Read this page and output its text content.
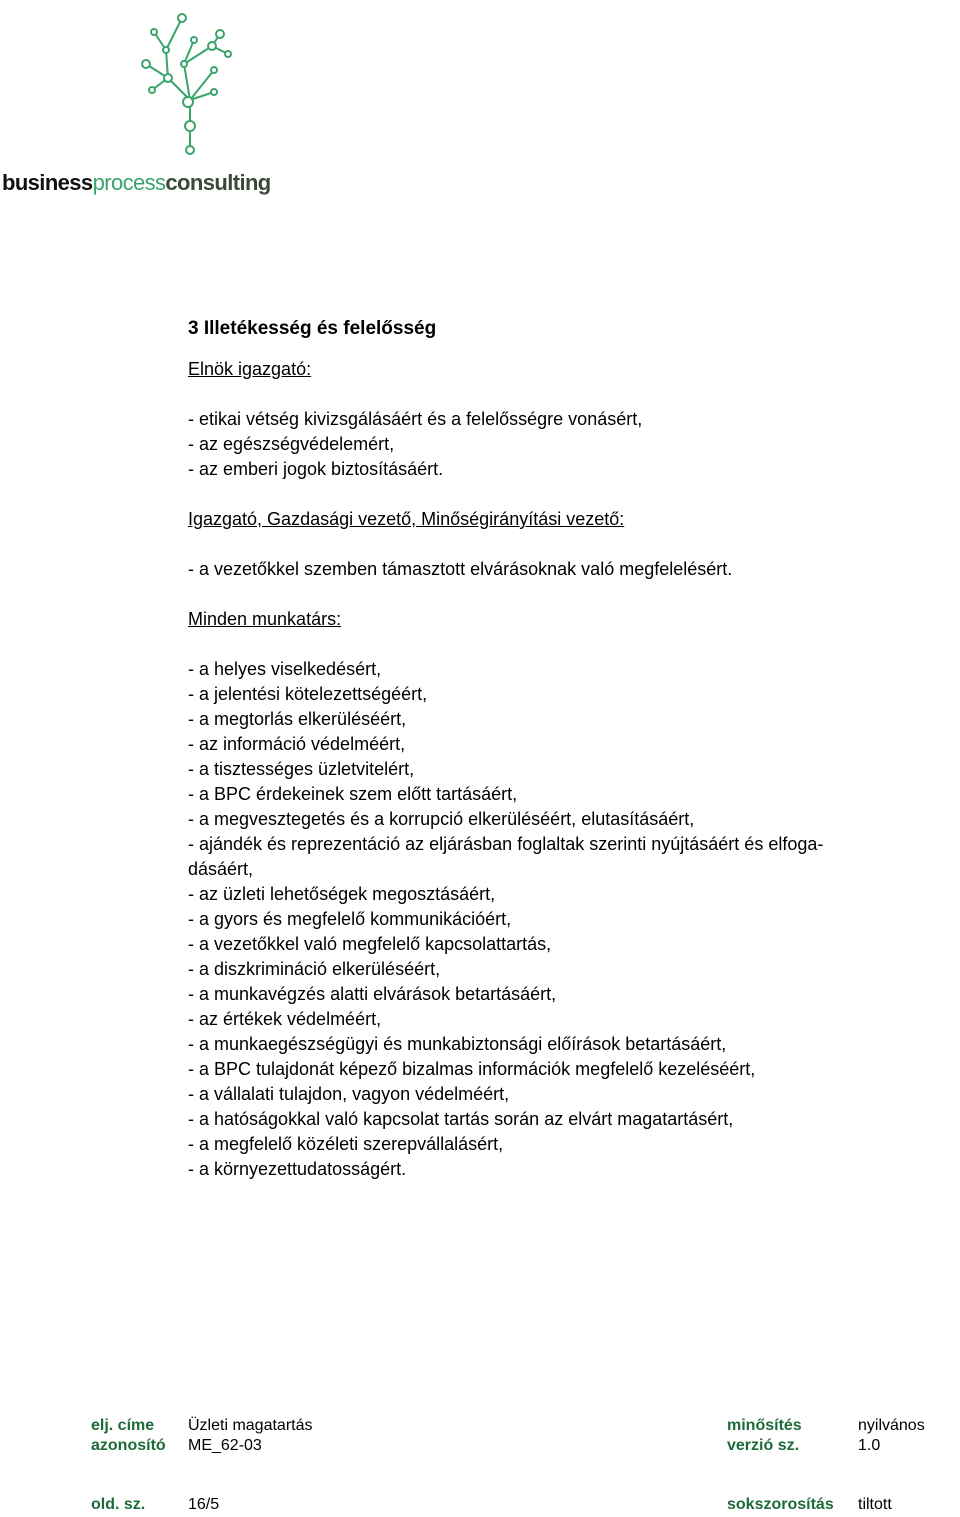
businessprocessconsulting

3 Illetékesség és felelősség

Elnök igazgató:
- etikai vétség kivizsgálásáért és a felelősségre vonásért,
- az egészségvédelemért,
- az emberi jogok biztosításáért.
Igazgató, Gazdasági vezető, Minőségirányítási vezető:
- a vezetőkkel szemben támasztott elvárásoknak való megfelelésért.
Minden munkatárs:
- a helyes viselkedésért,
- a jelentési kötelezettségéért,
- a megtorlás elkerüléséért,
- az információ védelméért,
- a tisztességes üzletvitelért,
- a BPC érdekeinek szem előtt tartásáért,
- a megvesztegetés és a korrupció elkerüléséért, elutasításáért,
- ajándék és reprezentáció az eljárásban foglaltak szerinti nyújtásáért és elfoga-
dásáért,
- az üzleti lehetőségek megosztásáért,
- a gyors és megfelelő kommunikációért,
- a vezetőkkel való megfelelő kapcsolattartás,
- a diszkrimináció elkerüléséért,
- a munkavégzés alatti elvárások betartásáért,
- az értékek védelméért,
- a munkaegészségügyi és munkabiztonsági előírások betartásáért,
- a BPC tulajdonát képező bizalmas információk megfelelő kezeléséért,
- a vállalati tulajdon, vagyon védelméért,
- a hatóságokkal való kapcsolat tartás során az elvárt magatartásért,
- a megfelelő közéleti szerepvállalásért,
- a környezettudatosságért.
elj. címe Üzleti magatartás	minősítés	nyilvános
azonosító ME_62-03	verzió sz.	1.0
old. sz.	16/5	sokszorosítás tiltott
